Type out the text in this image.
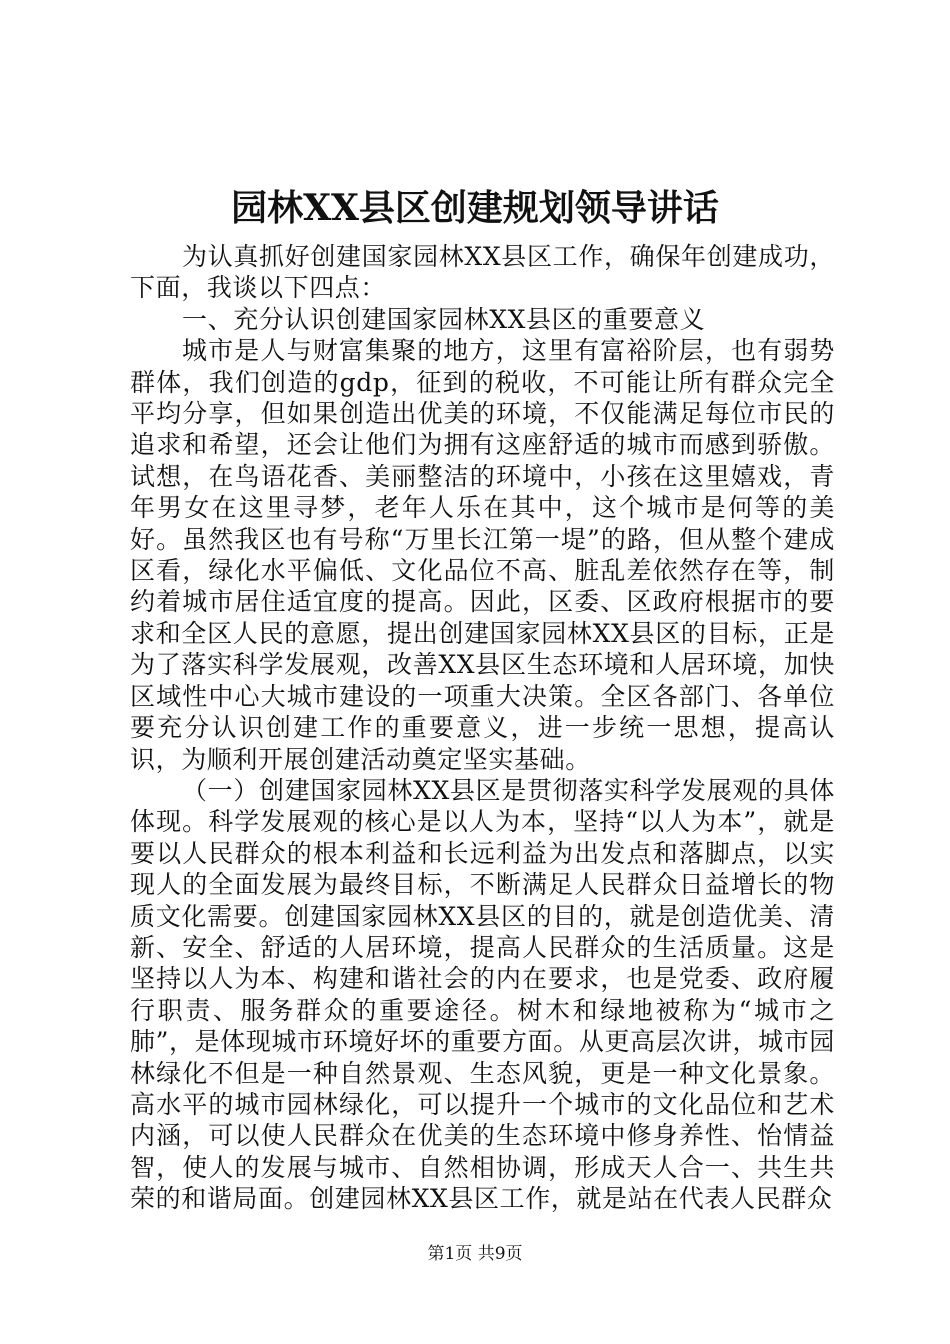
园林XX县区创建规划领导讲话

为认真抓好创建国家园林XX县区工作，确保年创建成功，下面，我谈以下四点：

一、充分认识创建国家园林XX县区的重要意义

城市是人与财富集聚的地方，这里有富裕阶层，也有弱势群体，我们创造的gdp，征到的税收，不可能让所有群众完全平均分享，但如果创造出优美的环境，不仅能满足每位市民的追求和希望，还会让他们为拥有这座舒适的城市而感到骄傲。试想，在鸟语花香、美丽整洁的环境中，小孩在这里嬉戏，青年男女在这里寻梦，老年人乐在其中，这个城市是何等的美好。虽然我区也有号称“万里长江第一堤”的路，但从整个建成区看，绿化水平偏低、文化品位不高、脏乱差依然存在等，制约着城市居住适宜度的提高。因此，区委、区政府根据市的要求和全区人民的意愿，提出创建国家园林XX县区的目标，正是为了落实科学发展观，改善XX县区生态环境和人居环境，加快区域性中心大城市建设的一项重大决策。全区各部门、各单位要充分认识创建工作的重要意义，进一步统一思想，提高认识，为顺利开展创建活动奠定坚实基础。

（一）创建国家园林XX县区是贯彻落实科学发展观的具体体现。科学发展观的核心是以人为本，坚持“以人为本”，就是要以人民群众的根本利益和长远利益为出发点和落脚点，以实现人的全面发展为最终目标，不断满足人民群众日益增长的物质文化需要。创建国家园林XX县区的目的，就是创造优美、清新、安全、舒适的人居环境，提高人民群众的生活质量。这是坚持以人为本、构建和谐社会的内在要求，也是党委、政府履行职责、服务群众的重要途径。树木和绿地被称为“城市之肺”，是体现城市环境好坏的重要方面。从更高层次讲，城市园林绿化不但是一种自然景观、生态风貌，更是一种文化景象。高水平的城市园林绿化，可以提升一个城市的文化品位和艺术内涵，可以使人民群众在优美的生态环境中修身养性、怡情益智，使人的发展与城市、自然相协调，形成天人合一、共生共荣的和谐局面。创建园林XX县区工作，就是站在代表人民群众

第1页 共9页
